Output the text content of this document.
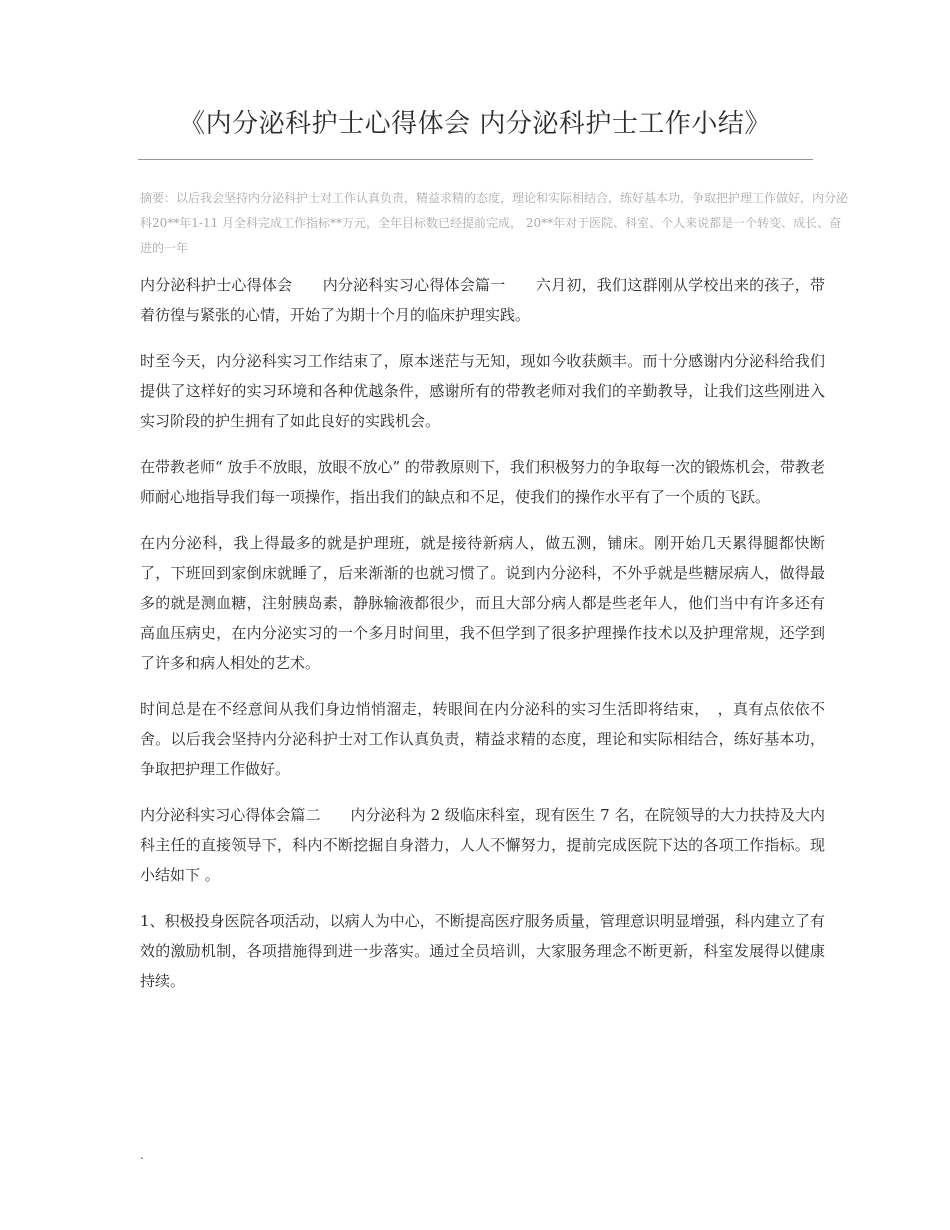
《内分泌科护士心得体会 内分泌科护士工作小结》

摘要：以后我会坚持内分泌科护士对工作认真负责，精益求精的态度，理论和实际相结合，练好基本功，争取把护理工作做好，内分泌科20**年1-11 月全科完成工作指标**万元，全年目标数已经提前完成， 20**年对于医院、科室、个人来说都是一个转变、成长、奋进的一年

内分泌科护士心得体会　　内分泌科实习心得体会篇一　　六月初，我们这群刚从学校出来的孩子，带着彷徨与紧张的心情，开始了为期十个月的临床护理实践。

时至今天，内分泌科实习工作结束了，原本迷茫与无知，现如今收获颇丰。而十分感谢内分泌科给我们提供了这样好的实习环境和各种优越条件，感谢所有的带教老师对我们的辛勤教导，让我们这些刚进入实习阶段的护生拥有了如此良好的实践机会。

在带教老师“ 放手不放眼，放眼不放心” 的带教原则下，我们积极努力的争取每一次的锻炼机会，带教老师耐心地指导我们每一项操作，指出我们的缺点和不足，使我们的操作水平有了一个质的飞跃。

在内分泌科，我上得最多的就是护理班，就是接待新病人，做五测，铺床。刚开始几天累得腿都快断了，下班回到家倒床就睡了，后来渐渐的也就习惯了。说到内分泌科，不外乎就是些糖尿病人，做得最多的就是测血糖，注射胰岛素，静脉输液都很少，而且大部分病人都是些老年人，他们当中有许多还有高血压病史，在内分泌实习的一个多月时间里，我不但学到了很多护理操作技术以及护理常规，还学到了许多和病人相处的艺术。

时间总是在不经意间从我们身边悄悄溜走，转眼间在内分泌科的实习生活即将结束，　，真有点依依不舍。以后我会坚持内分泌科护士对工作认真负责，精益求精的态度，理论和实际相结合，练好基本功，争取把护理工作做好。

内分泌科实习心得体会篇二　　内分泌科为 2 级临床科室，现有医生 7 名，在院领导的大力扶持及大内科主任的直接领导下，科内不断挖掘自身潜力，人人不懈努力，提前完成医院下达的各项工作指标。现小结如下 。

1、积极投身医院各项活动，以病人为中心，不断提高医疗服务质量，管理意识明显增强，科内建立了有效的激励机制，各项措施得到进一步落实。通过全员培训，大家服务理念不断更新，科室发展得以健康持续。

.
